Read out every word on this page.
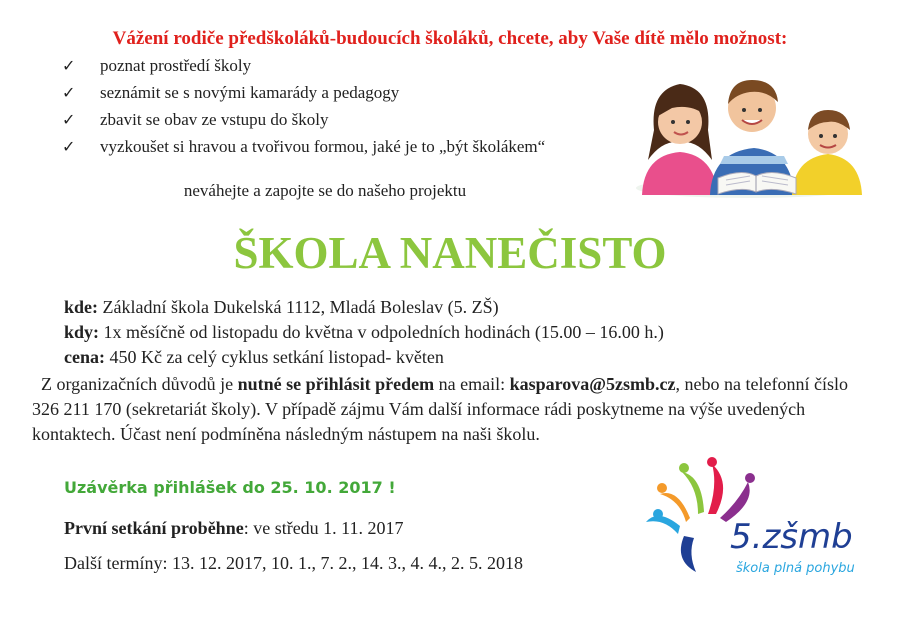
Vážení rodiče předškoláků-budoucích školáků, chcete, aby Vaše dítě mělo možnost:
✓ poznat prostředí školy
✓ seznámit se s novými kamarády a pedagogy
✓ zbavit se obav ze vstupu do školy
✓ vyzkoušet si hravou a tvořivou formou, jaké je to „být školákem“
neváhejte a zapojte se do našeho projektu
ŠKOLA NANEČISTO
kde: Základní škola Dukelská 1112, Mladá Boleslav (5. ZŠ)
kdy: 1x měsíčně od listopadu do května v odpoledních hodinách (15.00 – 16.00 h.)
cena: 450 Kč za celý cyklus setkání listopad- květen
Z organizačních důvodů je nutné se přihlásit předem na email: kasparova@5zsmb.cz, nebo na telefonní číslo 326 211 170 (sekretariát školy). V případě zájmu Vám další informace rádi poskytneme na výše uvedených kontaktech. Účast není podmíněna následným nástupem na naši školu.
Uzávěrka přihlášek do 25. 10. 2017 !
První setkání proběhne: ve středu 1. 11. 2017
Další termíny: 13. 12. 2017, 10. 1., 7. 2., 14. 3., 4. 4., 2. 5. 2018
5.zšmb
škola plná pohybu
